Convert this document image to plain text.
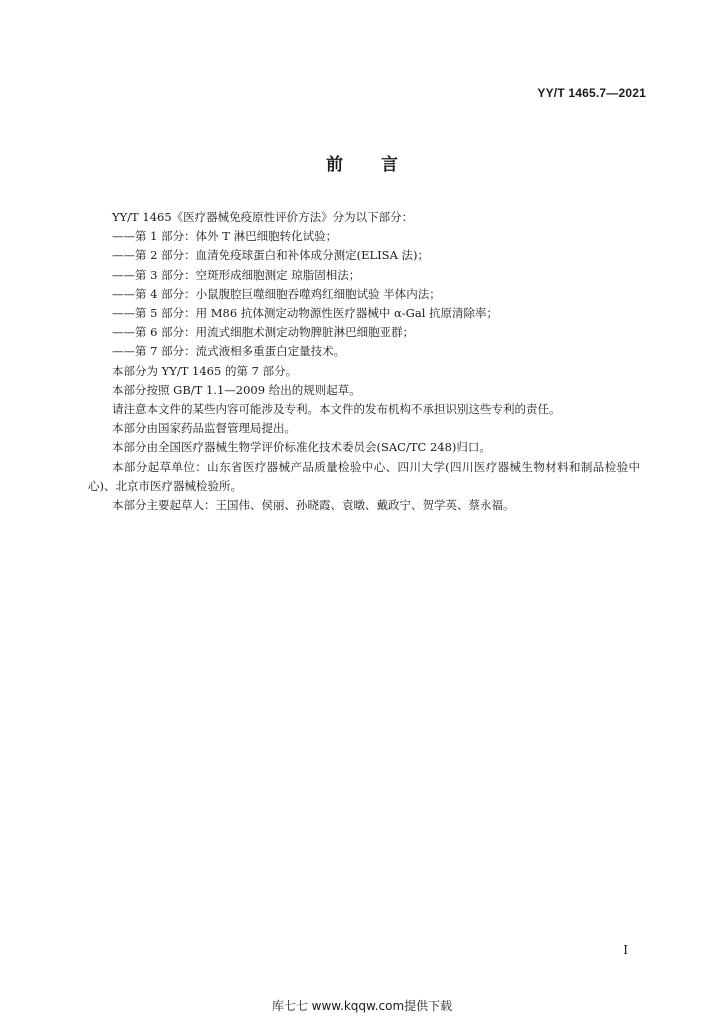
YY/T 1465.7—2021
前言

YY/T 1465《医疗器械免疫原性评价方法》分为以下部分：

——第 1 部分：体外 T 淋巴细胞转化试验；

——第 2 部分：血清免疫球蛋白和补体成分测定(ELISA 法)；

——第 3 部分：空斑形成细胞测定 琼脂固相法；

——第 4 部分：小鼠腹腔巨噬细胞吞噬鸡红细胞试验 半体内法；

——第 5 部分：用 M86 抗体测定动物源性医疗器械中 α-Gal 抗原清除率；

——第 6 部分：用流式细胞术测定动物脾脏淋巴细胞亚群；

——第 7 部分：流式液相多重蛋白定量技术。

本部分为 YY/T 1465 的第 7 部分。

本部分按照 GB/T 1.1—2009 给出的规则起草。

请注意本文件的某些内容可能涉及专利。本文件的发布机构不承担识别这些专利的责任。

本部分由国家药品监督管理局提出。

本部分由全国医疗器械生物学评价标准化技术委员会(SAC/TC 248)归口。

本部分起草单位：山东省医疗器械产品质量检验中心、四川大学(四川医疗器械生物材料和制品检验中心)、北京市医疗器械检验所。

本部分主要起草人：王国伟、侯丽、孙晓霞、袁暾、戴政宁、贺学英、蔡永福。

I
库七七 www.kqqw.com提供下载
